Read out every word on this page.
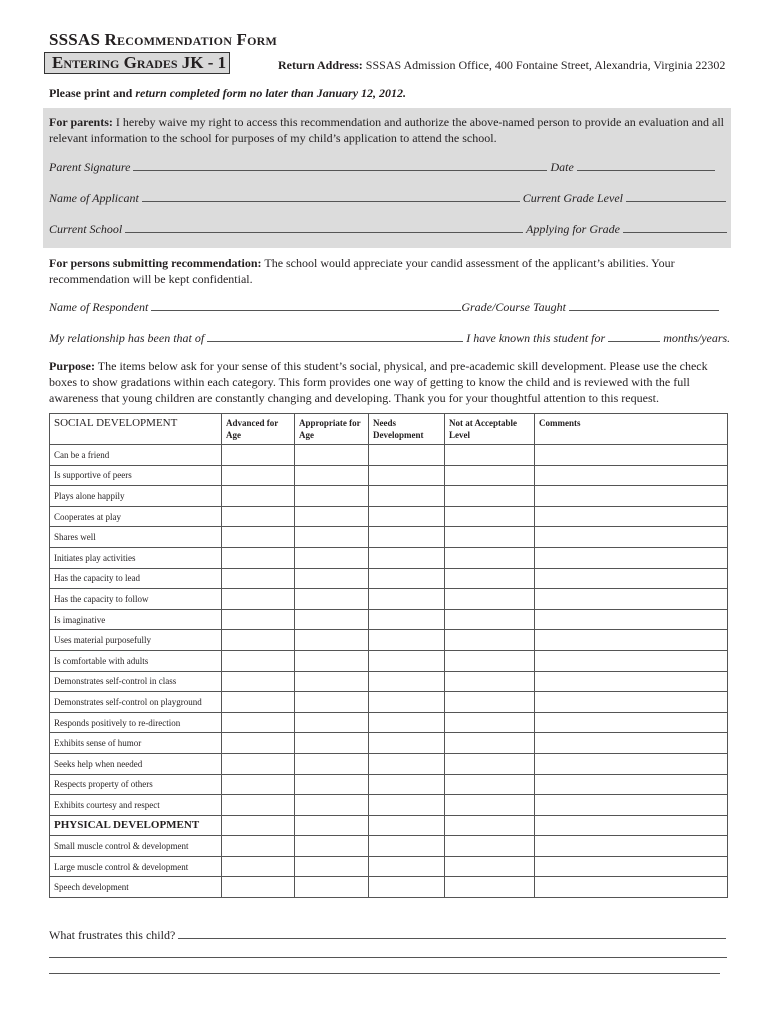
SSSAS Recommendation Form
Entering Grades JK - 1	Return Address: SSSAS Admission Office, 400 Fontaine Street, Alexandria, Virginia 22302
Please print and return completed form no later than January 12, 2012.
For parents: I hereby waive my right to access this recommendation and authorize the above-named person to provide an evaluation and all relevant information to the school for purposes of my child’s application to attend the school.
Parent Signature	Date
Name of Applicant	Current Grade Level
Current School	Applying for Grade
For persons submitting recommendation: The school would appreciate your candid assessment of the applicant’s abilities. Your recommendation will be kept confidential.
Name of Respondent	Grade/Course Taught
My relationship has been that of	I have known this student for	months/years.
Purpose: The items below ask for your sense of this student’s social, physical, and pre-academic skill development. Please use the check boxes to show gradations within each category. This form provides one way of getting to know the child and is reviewed with the full awareness that young children are constantly changing and developing. Thank you for your thoughtful attention to this request.
SOCIAL DEVELOPMENT	Advanced for Age	Appropriate for Age	Needs Development	Not at Acceptable Level	Comments
Can be a friend					
Is supportive of peers					
Plays alone happily					
Cooperates at play					
Shares well					
Initiates play activities					
Has the capacity to lead					
Has the capacity to follow					
Is imaginative					
Uses material purposefully					
Is comfortable with adults					
Demonstrates self-control in class					
Demonstrates self-control on playground					
Responds positively to re-direction					
Exhibits sense of humor					
Seeks help when needed					
Respects property of others					
Exhibits courtesy and respect					
PHYSICAL DEVELOPMENT					
Small muscle control & development					
Large muscle control & development					
Speech development					
What frustrates this child?
